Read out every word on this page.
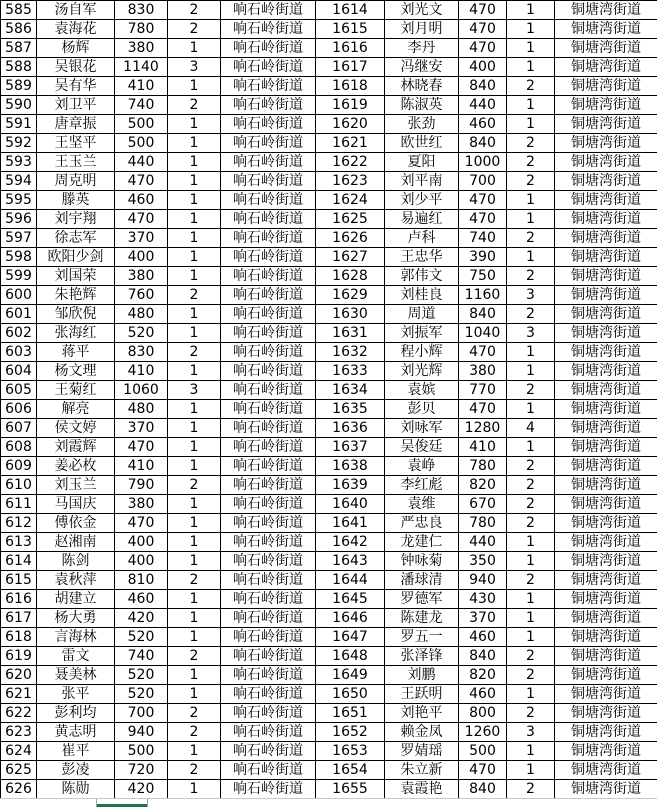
585	汤自军	830	2	响石岭街道	1614	刘光文	470	1	铜塘湾街道
586	袁海花	780	2	响石岭街道	1615	刘月明	470	1	铜塘湾街道
587	杨辉	380	1	响石岭街道	1616	李丹	470	1	铜塘湾街道
588	吴银花	1140	3	响石岭街道	1617	冯继安	400	1	铜塘湾街道
589	吴有华	410	1	响石岭街道	1618	林晓春	840	2	铜塘湾街道
590	刘卫平	740	2	响石岭街道	1619	陈淑英	440	1	铜塘湾街道
591	唐章振	500	1	响石岭街道	1620	张劲	460	1	铜塘湾街道
592	王坚平	500	1	响石岭街道	1621	欧世红	840	2	铜塘湾街道
593	王玉兰	440	1	响石岭街道	1622	夏阳	1000	2	铜塘湾街道
594	周克明	470	1	响石岭街道	1623	刘平南	700	2	铜塘湾街道
595	滕英	460	1	响石岭街道	1624	刘少平	470	1	铜塘湾街道
596	刘宇翔	470	1	响石岭街道	1625	易遍红	470	1	铜塘湾街道
597	徐志军	370	1	响石岭街道	1626	卢科	740	2	铜塘湾街道
598	欧阳少剑	400	1	响石岭街道	1627	王忠华	390	1	铜塘湾街道
599	刘国荣	380	1	响石岭街道	1628	郭伟文	750	2	铜塘湾街道
600	朱艳辉	760	2	响石岭街道	1629	刘桂良	1160	3	铜塘湾街道
601	邹欣倪	480	1	响石岭街道	1630	周道	840	2	铜塘湾街道
602	张海红	520	1	响石岭街道	1631	刘振军	1040	3	铜塘湾街道
603	蒋平	830	2	响石岭街道	1632	程小辉	470	1	铜塘湾街道
604	杨文理	410	1	响石岭街道	1633	刘光辉	380	1	铜塘湾街道
605	王菊红	1060	3	响石岭街道	1634	袁嫔	770	2	铜塘湾街道
606	解亮	480	1	响石岭街道	1635	彭贝	470	1	铜塘湾街道
607	侯文婷	370	1	响石岭街道	1636	刘咏军	1280	4	铜塘湾街道
608	刘霞辉	470	1	响石岭街道	1637	吴俊廷	410	1	铜塘湾街道
609	姜必枚	410	1	响石岭街道	1638	袁峥	780	2	铜塘湾街道
610	刘玉兰	790	2	响石岭街道	1639	李红彪	820	2	铜塘湾街道
611	马国庆	380	1	响石岭街道	1640	袁维	670	2	铜塘湾街道
612	傅依金	470	1	响石岭街道	1641	严忠良	780	2	铜塘湾街道
613	赵湘南	400	1	响石岭街道	1642	龙建仁	440	1	铜塘湾街道
614	陈剑	400	1	响石岭街道	1643	钟咏菊	350	1	铜塘湾街道
615	袁秋萍	810	2	响石岭街道	1644	潘球清	940	2	铜塘湾街道
616	胡建立	460	1	响石岭街道	1645	罗德军	430	1	铜塘湾街道
617	杨大勇	420	1	响石岭街道	1646	陈建龙	370	1	铜塘湾街道
618	言海林	520	1	响石岭街道	1647	罗五一	460	1	铜塘湾街道
619	雷文	740	2	响石岭街道	1648	张泽锋	840	2	铜塘湾街道
620	聂美林	520	1	响石岭街道	1649	刘鹏	820	2	铜塘湾街道
621	张平	520	1	响石岭街道	1650	王跃明	460	1	铜塘湾街道
622	彭利均	700	2	响石岭街道	1651	刘艳平	800	2	铜塘湾街道
623	黄志明	940	2	响石岭街道	1652	赖金凤	1260	3	铜塘湾街道
624	崔平	500	1	响石岭街道	1653	罗婧瑶	500	1	铜塘湾街道
625	彭凌	720	2	响石岭街道	1654	朱立新	470	1	铜塘湾街道
626	陈勋	420	1	响石岭街道	1655	袁霞艳	840	2	铜塘湾街道
